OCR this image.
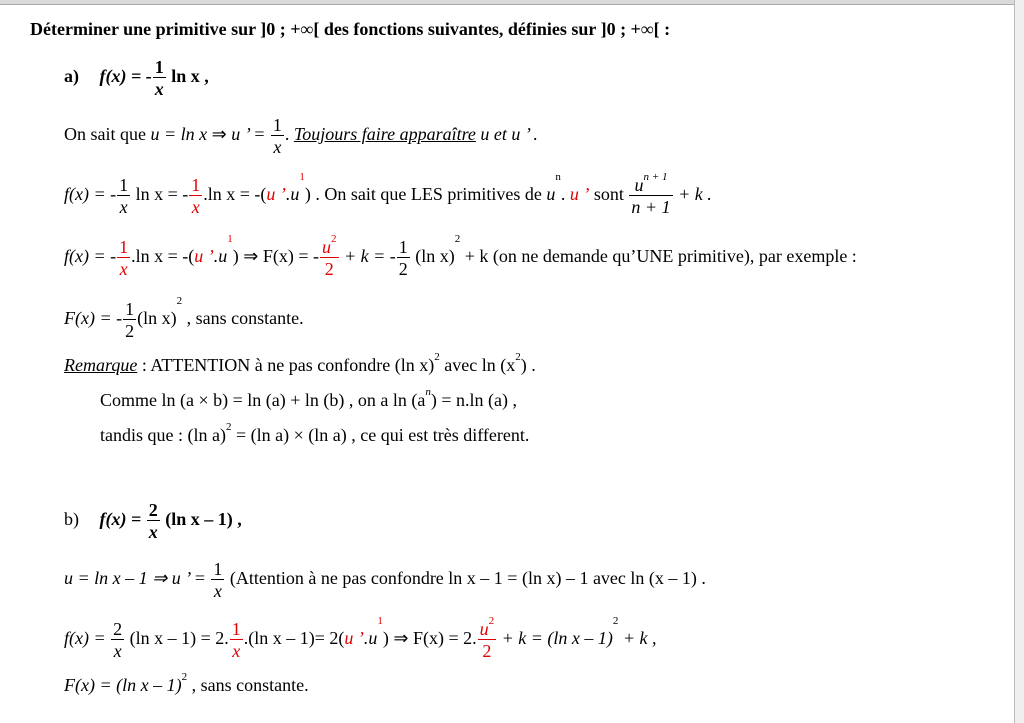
Déterminer une primitive sur ]0 ; +∞[ des fonctions suivantes, définies sur ]0 ; +∞[ :
a) f(x) = - $\frac{1}{x}$ ln x ,
On sait que u = ln x ⇒ u ’ = $\frac{1}{x}$ . Toujours faire apparaître u et u ’ .
f(x) = - $\frac{1}{x}$ ln x = - $\frac{1}{x} .\ln$ x = -(u $’.u^1$) . On sait que LES primitives de $u^n$. u ’ sont $\frac{u^{n + 1}}{n + 1} + k$ .
f(x) = - $\frac{1}{x} .\ln$ x = -(u $’.u^1$) ⇒ F(x) = - $\frac{u^2}{2} + k$ = - $\frac{1}{2} (\ln$ x)$^2$ + k (on ne demande qu’UNE primitive), par exemple :
F(x) = - $\frac{1}{2} (\ln$ x)$^2$ , sans constante.
Remarque : ATTENTION à ne pas confondre (ln x)$^2$ avec $\ln (x^2)$ .
Comme ln (a × b) = ln (a) + ln (b) , on a $\ln (a^n) = n.\ln$ (a) ,
tandis que : (ln a)$^2$ = (ln a) × (ln a) , ce qui est très different.
b) $f(x) = \frac{2}{x} (\ln$ x – 1) ,
u = ln x – 1 ⇒ u ’ = $\frac{1}{x}$ (Attention à ne pas confondre ln x – 1 = (ln x) – 1 avec ln (x – 1) .
$f(x) = \frac{2}{x} (\ln$ x – 1) = 2. $\frac{1}{x} .(\ln$ x – 1)= 2(u $’.u^1$) ⇒ F(x) = 2. $\frac{u^2}{2} + k = (\ln$ x – 1)$^2$ + k ,
F(x) = (ln x – 1)$^2$ , sans constante.
